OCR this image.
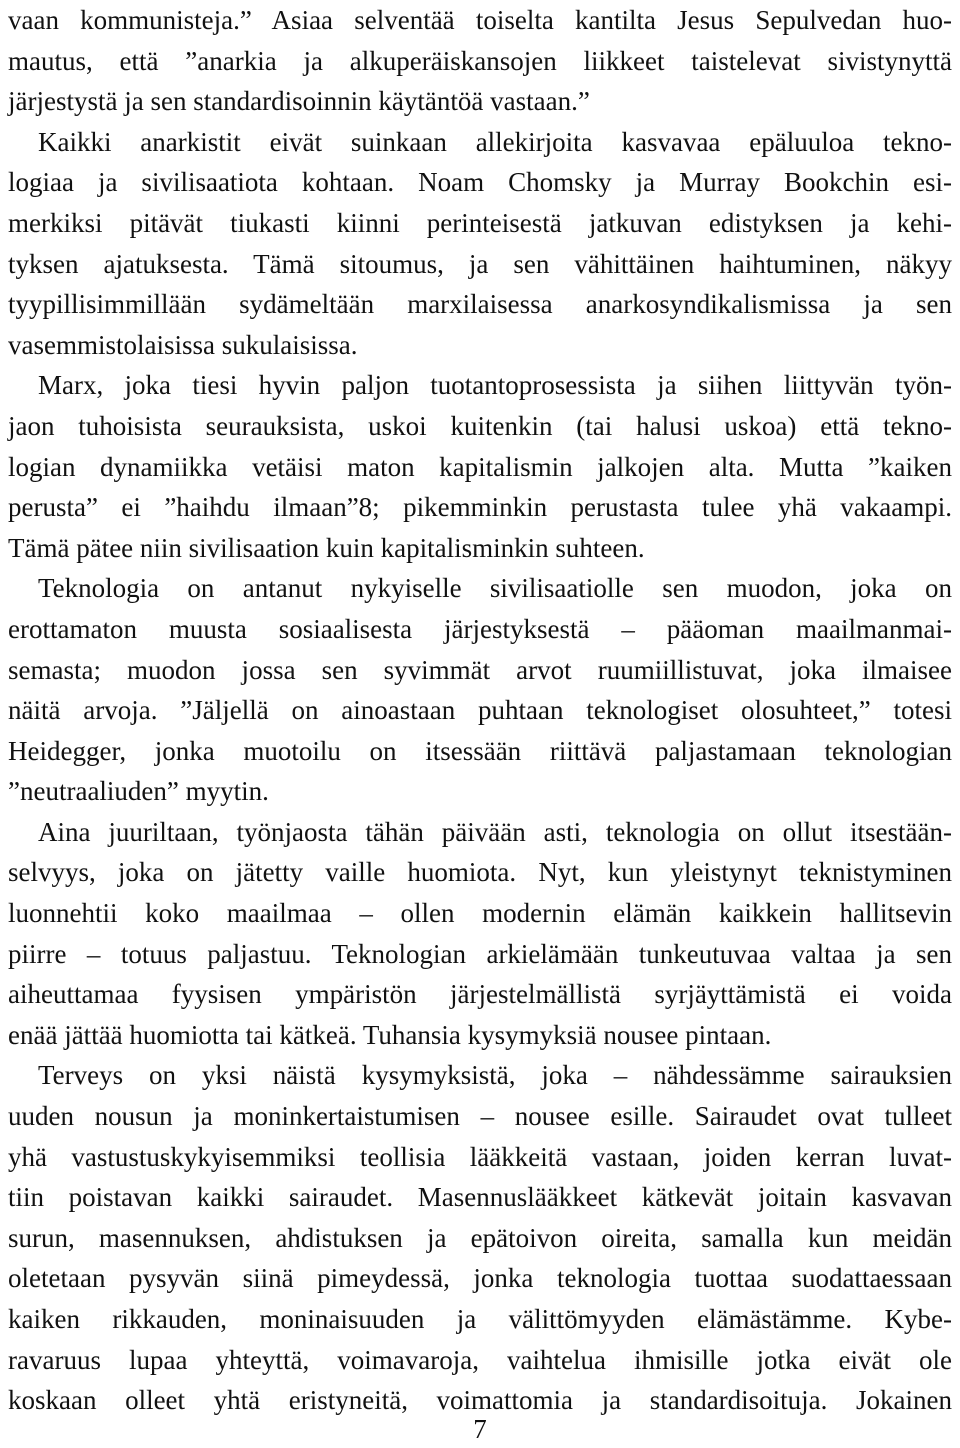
vaan kommunisteja.” Asiaa selventää toiselta kantilta Jesus Sepulvedan huo-
mautus, että ”anarkia ja alkuperäiskansojen liikkeet taistelevat sivistynyttä
järjestystä ja sen standardisoinnin käytäntöä vastaan.”
Kaikki anarkistit eivät suinkaan allekirjoita kasvavaa epäluuloa tekno-
logiaa ja sivilisaatiota kohtaan. Noam Chomsky ja Murray Bookchin esi-
merkiksi pitävät tiukasti kiinni perinteisestä jatkuvan edistyksen ja kehi-
tyksen ajatuksesta. Tämä sitoumus, ja sen vähittäinen haihtuminen, näkyy
tyypillisimmillään sydämeltään marxilaisessa anarkosyndikalismissa ja sen
vasemmistolaisissa sukulaisissa.
Marx, joka tiesi hyvin paljon tuotantoprosessista ja siihen liittyvän työn-
jaon tuhoisista seurauksista, uskoi kuitenkin (tai halusi uskoa) että tekno-
logian dynamiikka vetäisi maton kapitalismin jalkojen alta. Mutta ”kaiken
perusta” ei ”haihdu ilmaan”8; pikemminkin perustasta tulee yhä vakaampi.
Tämä pätee niin sivilisaation kuin kapitalisminkin suhteen.
Teknologia on antanut nykyiselle sivilisaatiolle sen muodon, joka on
erottamaton muusta sosiaalisesta järjestyksestä – pääoman maailmanmai-
semasta; muodon jossa sen syvimmät arvot ruumiillistuvat, joka ilmaisee
näitä arvoja. ”Jäljellä on ainoastaan puhtaan teknologiset olosuhteet,” totesi
Heidegger, jonka muotoilu on itsessään riittävä paljastamaan teknologian
”neutraaliuden” myytin.
Aina juuriltaan, työnjaosta tähän päivään asti, teknologia on ollut itsestään-
selvyys, joka on jätetty vaille huomiota. Nyt, kun yleistynyt teknistyminen
luonnehtii koko maailmaa – ollen modernin elämän kaikkein hallitsevin
piirre – totuus paljastuu. Teknologian arkielämään tunkeutuvaa valtaa ja sen
aiheuttamaa fyysisen ympäristön järjestelmällistä syrjäyttämistä ei voida
enää jättää huomiotta tai kätkeä. Tuhansia kysymyksiä nousee pintaan.
Terveys on yksi näistä kysymyksistä, joka – nähdessämme sairauksien
uuden nousun ja moninkertaistumisen – nousee esille. Sairaudet ovat tulleet
yhä vastustuskykyisemmiksi teollisia lääkkeitä vastaan, joiden kerran luvat-
tiin poistavan kaikki sairaudet. Masennuslääkkeet kätkevät joitain kasvavan
surun, masennuksen, ahdistuksen ja epätoivon oireita, samalla kun meidän
oletetaan pysyvän siinä pimeydessä, jonka teknologia tuottaa suodattaessaan
kaiken rikkauden, moninaisuuden ja välittömyyden elämästämme. Kybe-
ravaruus lupaa yhteyttä, voimavaroja, vaihtelua ihmisille jotka eivät ole
koskaan olleet yhtä eristyneitä, voimattomia ja standardisoituja. Jokainen
7
